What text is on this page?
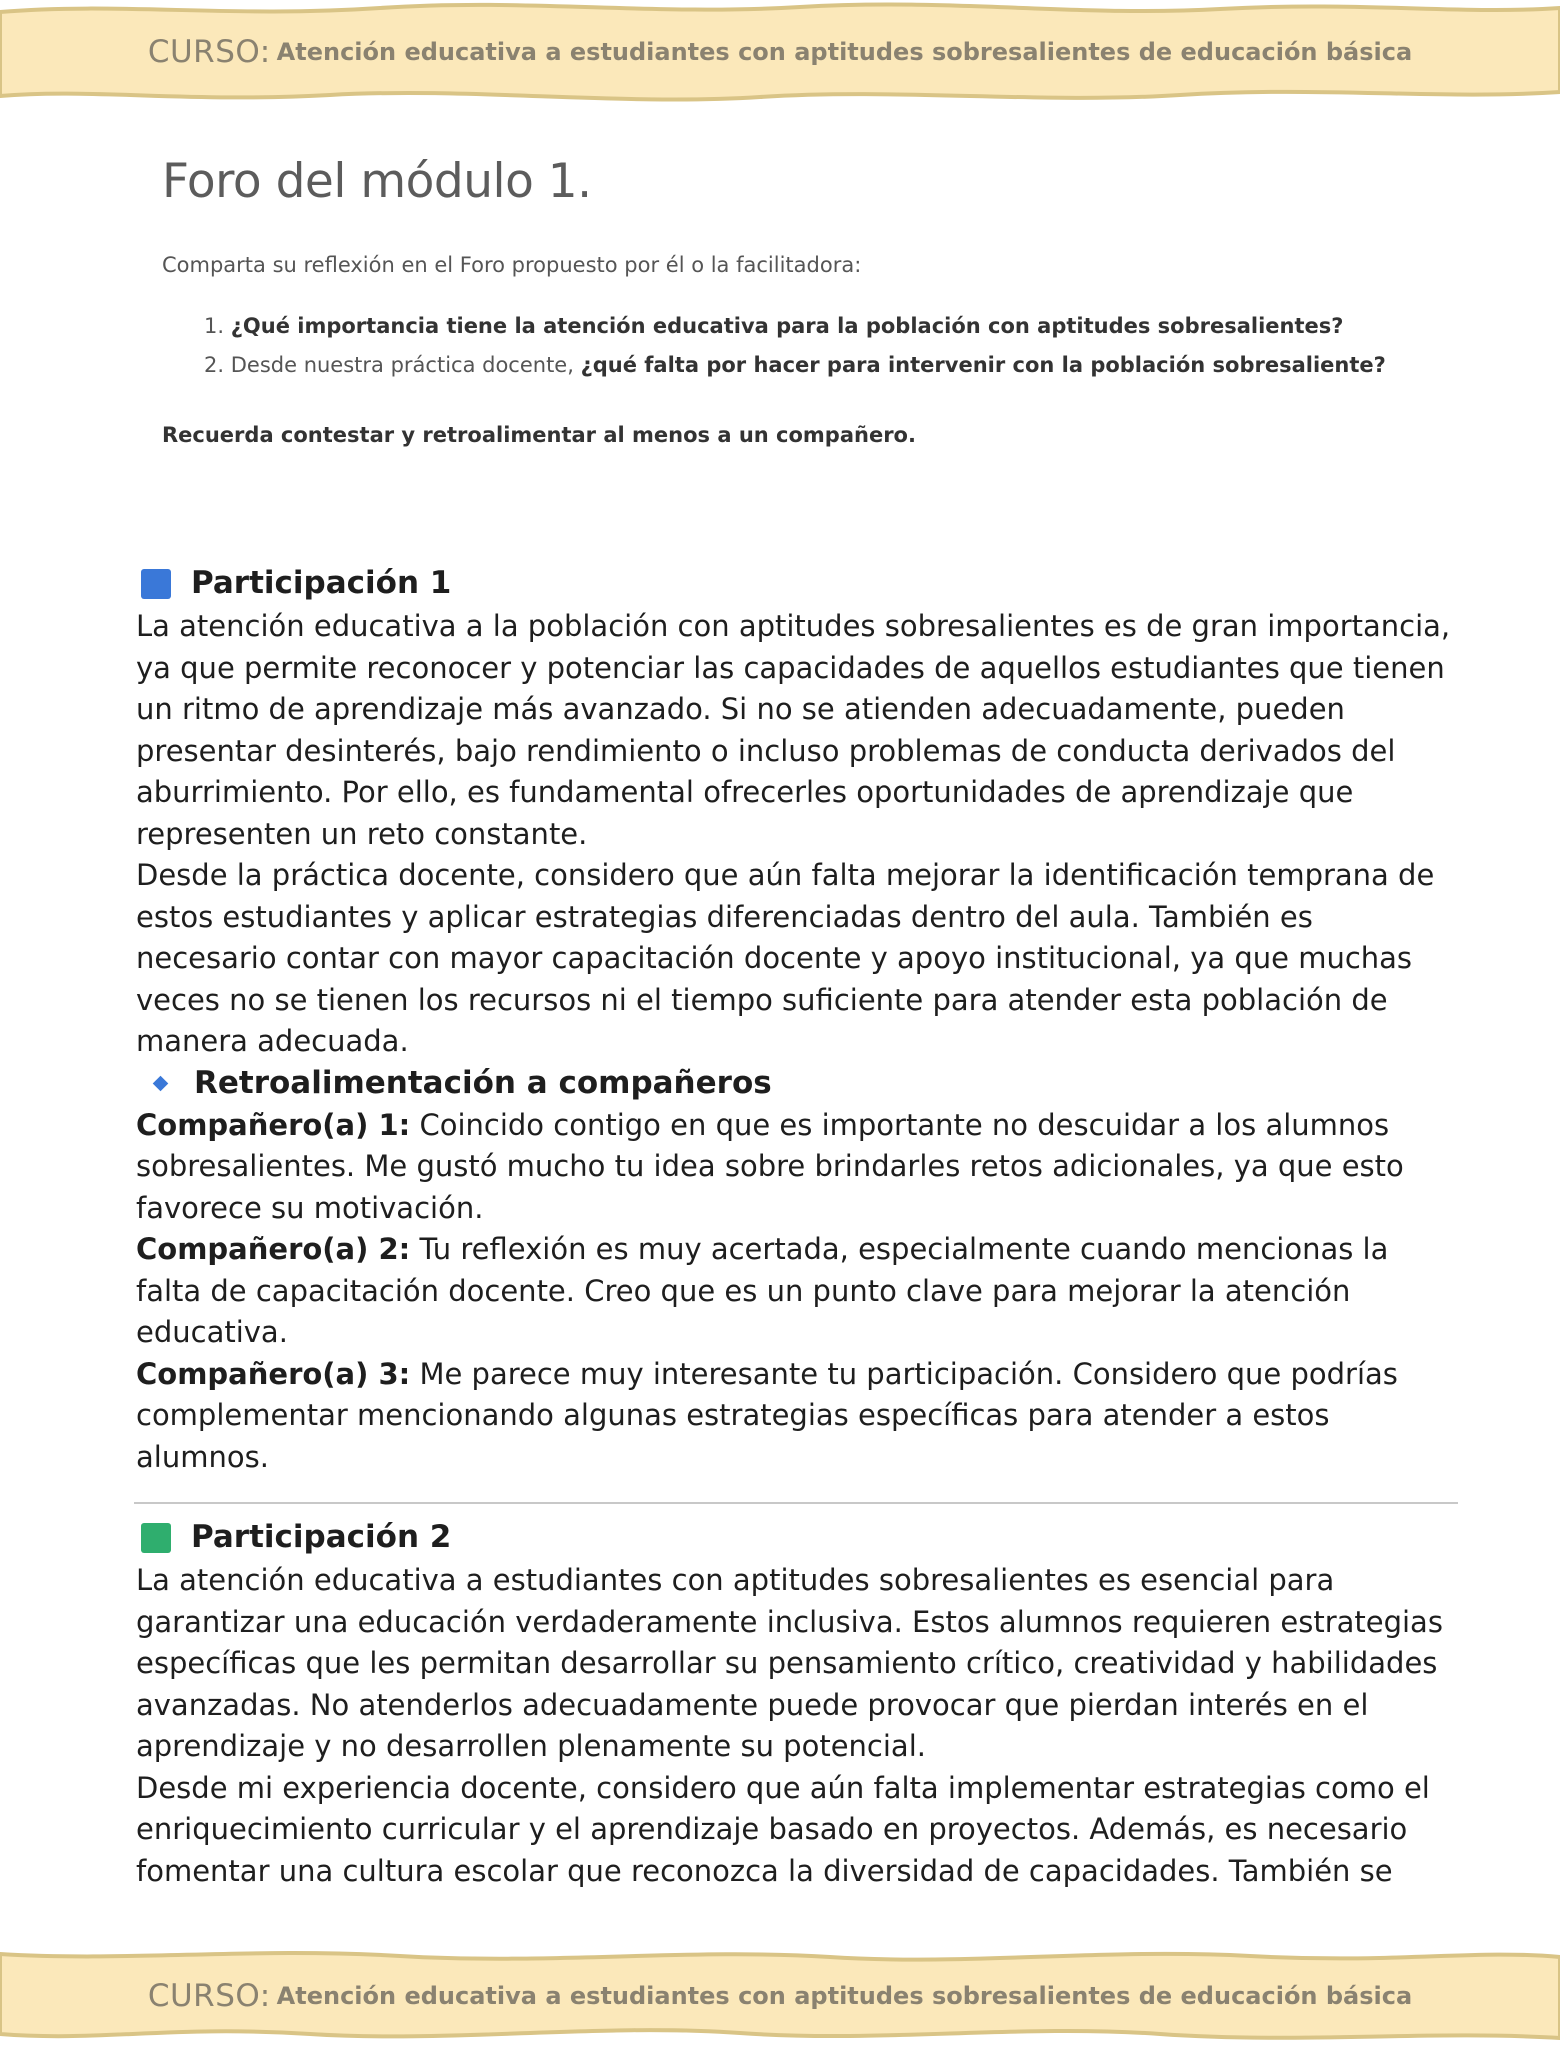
CURSO: Atención educativa a estudiantes con aptitudes sobresalientes de educación básica
Foro del módulo 1.

Comparta su reflexión en el Foro propuesto por él o la facilitadora:

1. ¿Qué importancia tiene la atención educativa para la población con aptitudes sobresalientes?
2. Desde nuestra práctica docente, ¿qué falta por hacer para intervenir con la población sobresaliente?

Recuerda contestar y retroalimentar al menos a un compañero.

Participación 1

La atención educativa a la población con aptitudes sobresalientes es de gran importancia, ya que permite reconocer y potenciar las capacidades de aquellos estudiantes que tienen un ritmo de aprendizaje más avanzado. Si no se atienden adecuadamente, pueden presentar desinterés, bajo rendimiento o incluso problemas de conducta derivados del aburrimiento. Por ello, es fundamental ofrecerles oportunidades de aprendizaje que representen un reto constante.

Desde la práctica docente, considero que aún falta mejorar la identificación temprana de estos estudiantes y aplicar estrategias diferenciadas dentro del aula. También es necesario contar con mayor capacitación docente y apoyo institucional, ya que muchas veces no se tienen los recursos ni el tiempo suficiente para atender esta población de manera adecuada.

Retroalimentación a compañeros

Compañero(a) 1: Coincido contigo en que es importante no descuidar a los alumnos sobresalientes. Me gustó mucho tu idea sobre brindarles retos adicionales, ya que esto favorece su motivación.

Compañero(a) 2: Tu reflexión es muy acertada, especialmente cuando mencionas la falta de capacitación docente. Creo que es un punto clave para mejorar la atención educativa.

Compañero(a) 3: Me parece muy interesante tu participación. Considero que podrías complementar mencionando algunas estrategias específicas para atender a estos alumnos.

Participación 2

La atención educativa a estudiantes con aptitudes sobresalientes es esencial para garantizar una educación verdaderamente inclusiva. Estos alumnos requieren estrategias específicas que les permitan desarrollar su pensamiento crítico, creatividad y habilidades avanzadas. No atenderlos adecuadamente puede provocar que pierdan interés en el aprendizaje y no desarrollen plenamente su potencial.

Desde mi experiencia docente, considero que aún falta implementar estrategias como el enriquecimiento curricular y el aprendizaje basado en proyectos. Además, es necesario fomentar una cultura escolar que reconozca la diversidad de capacidades. También se

CURSO: Atención educativa a estudiantes con aptitudes sobresalientes de educación básica
